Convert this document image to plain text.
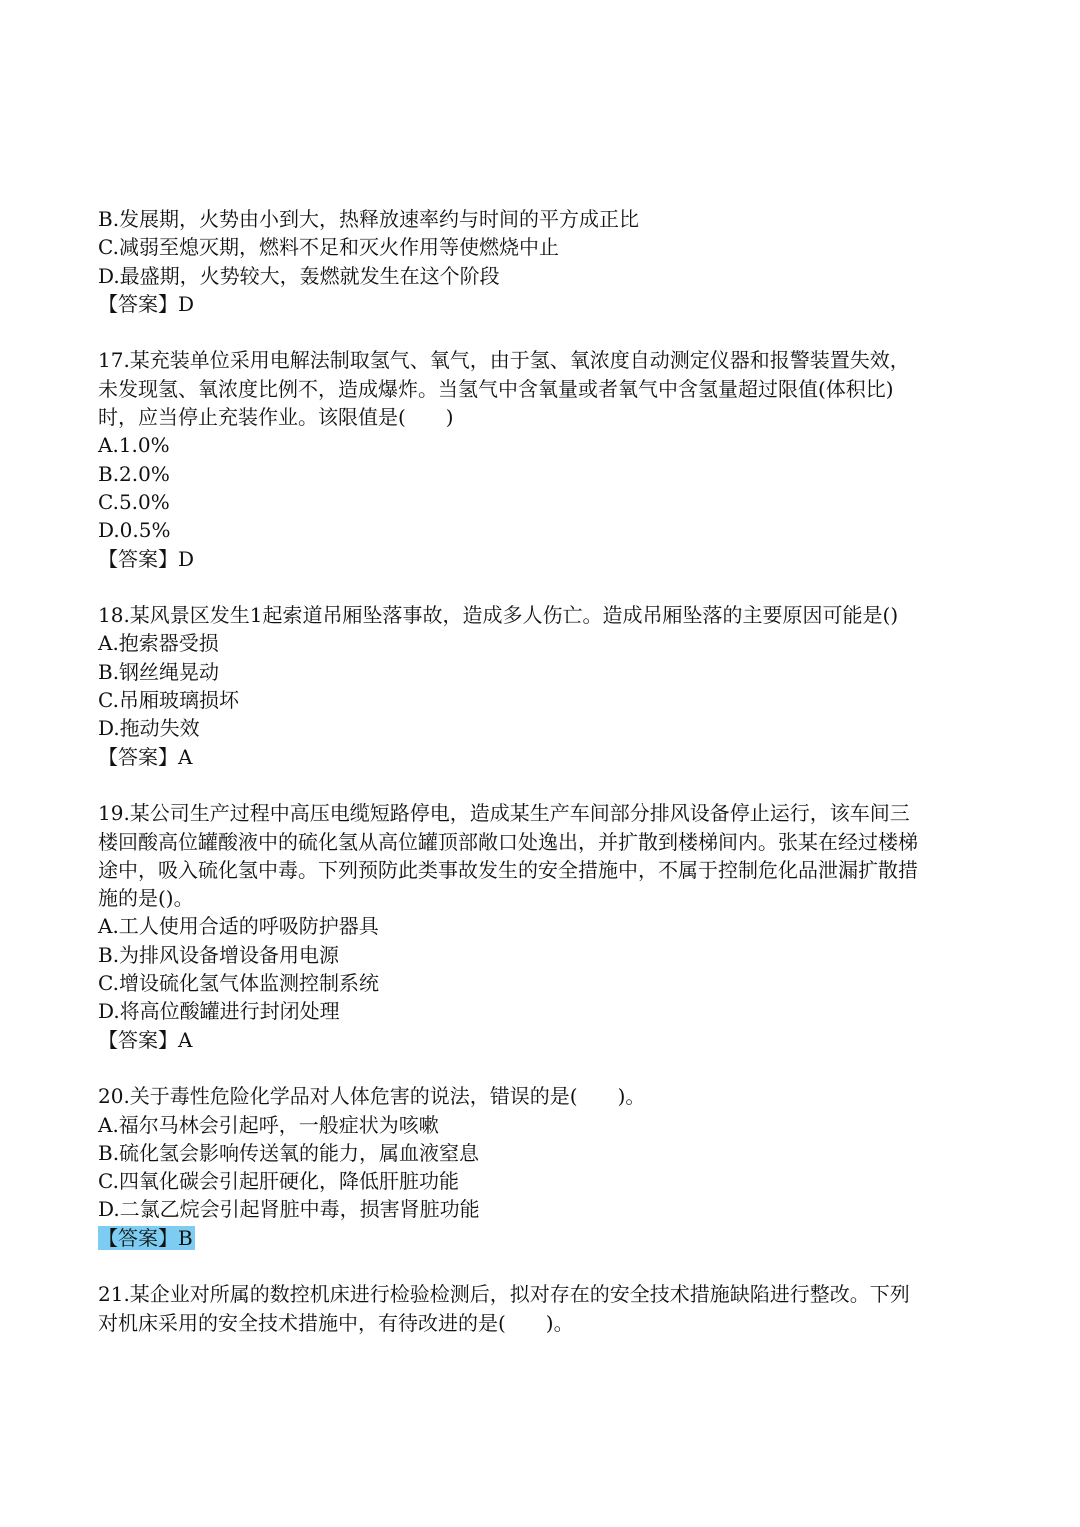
B.发展期，火势由小到大，热释放速率约与时间的平方成正比
C.减弱至熄灭期，燃料不足和灭火作用等使燃烧中止
D.最盛期，火势较大，轰燃就发生在这个阶段
【答案】D
17.某充装单位采用电解法制取氢气、氧气，由于氢、氧浓度自动测定仪器和报警装置失效，
未发现氢、氧浓度比例不，造成爆炸。当氢气中含氧量或者氧气中含氢量超过限值(体积比)
时，应当停止充装作业。该限值是(　　)
A.1.0%
B.2.0%
C.5.0%
D.0.5%
【答案】D
18.某风景区发生1起索道吊厢坠落事故，造成多人伤亡。造成吊厢坠落的主要原因可能是()
A.抱索器受损
B.钢丝绳晃动
C.吊厢玻璃损坏
D.拖动失效
【答案】A
19.某公司生产过程中高压电缆短路停电，造成某生产车间部分排风设备停止运行，该车间三
楼回酸高位罐酸液中的硫化氢从高位罐顶部敞口处逸出，并扩散到楼梯间内。张某在经过楼梯
途中，吸入硫化氢中毒。下列预防此类事故发生的安全措施中，不属于控制危化品泄漏扩散措
施的是()。
A.工人使用合适的呼吸防护器具
B.为排风设备增设备用电源
C.增设硫化氢气体监测控制系统
D.将高位酸罐进行封闭处理
【答案】A
20.关于毒性危险化学品对人体危害的说法，错误的是(　　)。
A.福尔马林会引起呼，一般症状为咳嗽
B.硫化氢会影响传送氧的能力，属血液窒息
C.四氧化碳会引起肝硬化，降低肝脏功能
D.二氯乙烷会引起肾脏中毒，损害肾脏功能
【答案】B
21.某企业对所属的数控机床进行检验检测后，拟对存在的安全技术措施缺陷进行整改。下列
对机床采用的安全技术措施中，有待改进的是(　　)。
